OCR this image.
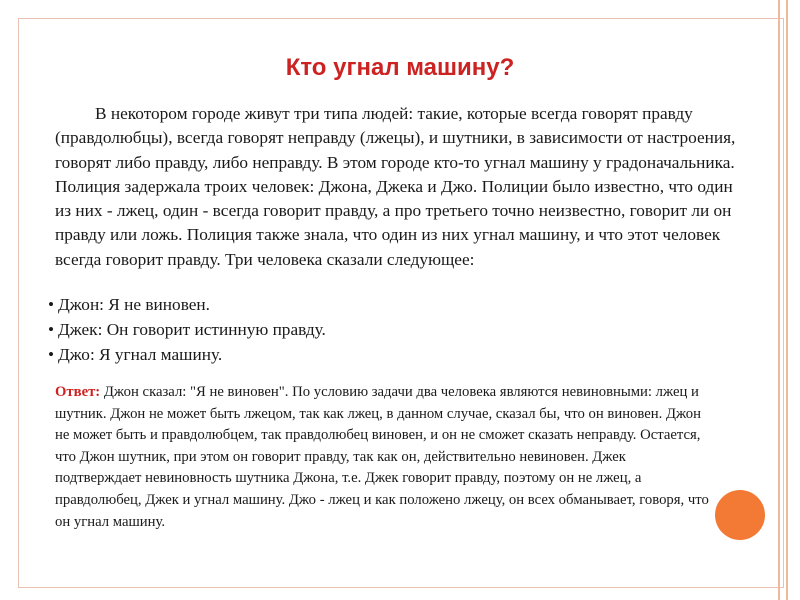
Кто угнал машину?

В некотором городе живут три типа людей: такие, которые всегда говорят правду (правдолюбцы), всегда говорят неправду (лжецы), и шутники, в зависимости от настроения, говорят либо правду, либо неправду. В этом городе кто-то угнал машину у градоначальника. Полиция задержала троих человек: Джона, Джека и Джо. Полиции было известно, что один из них - лжец, один - всегда говорит правду, а про третьего точно неизвестно, говорит ли он правду или ложь. Полиция также знала, что один из них угнал машину, и что этот человек всегда говорит правду. Три человека сказали следующее:

• Джон: Я не виновен.
• Джек: Он говорит истинную правду.
• Джо: Я угнал машину.

Ответ: Джон сказал: "Я не виновен". По условию задачи два человека являются невиновными: лжец и шутник. Джон не может быть лжецом, так как лжец, в данном случае, сказал бы, что он виновен. Джон не может быть и правдолюбцем, так правдолюбец виновен, и он не сможет сказать неправду. Остается, что Джон шутник, при этом он говорит правду, так как он, действительно невиновен. Джек подтверждает невиновность шутника Джона, т.е. Джек говорит правду, поэтому он не лжец, а правдолюбец, Джек и угнал машину. Джо - лжец и как положено лжецу, он всех обманывает, говоря, что он угнал машину.
